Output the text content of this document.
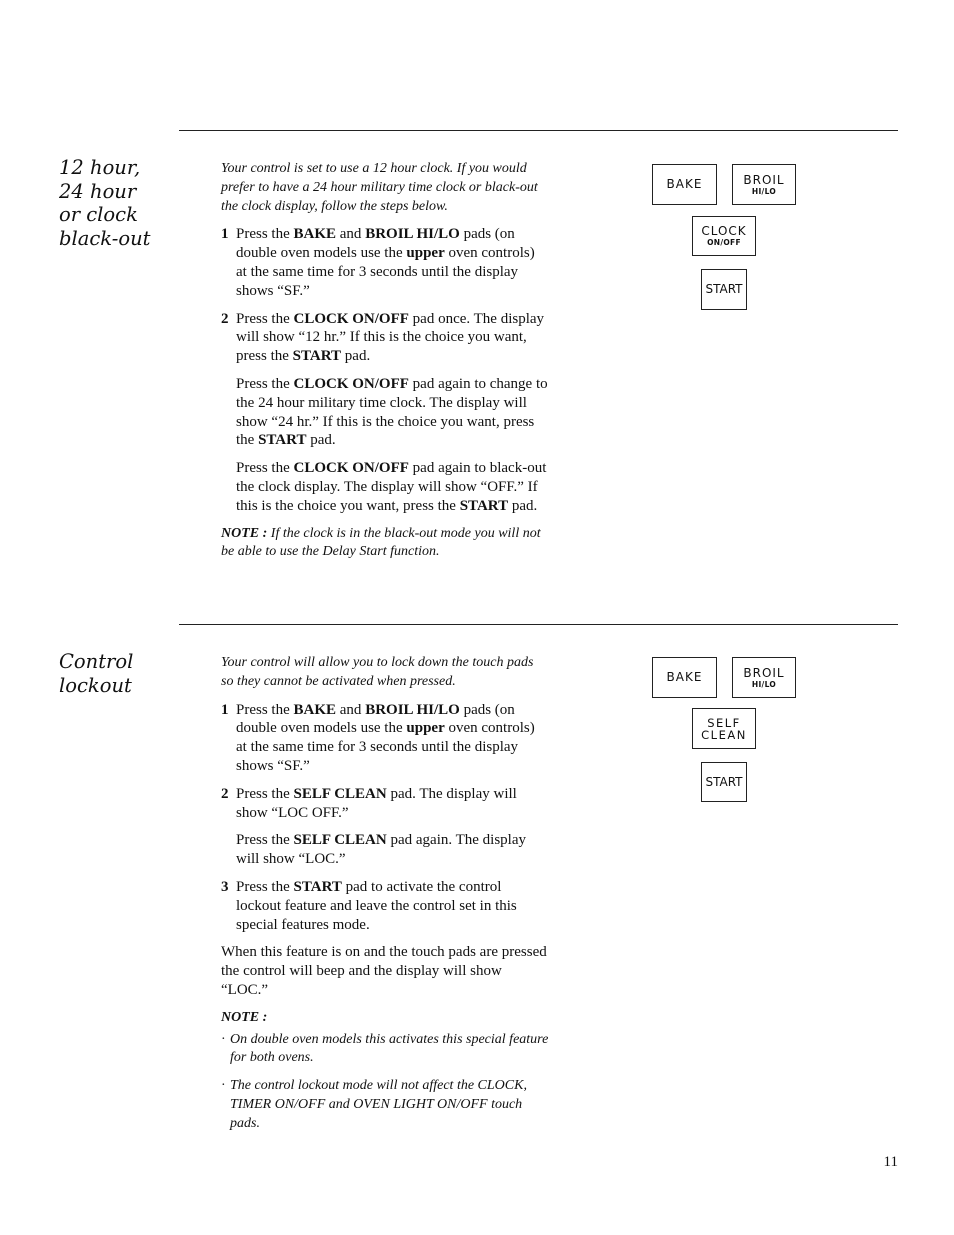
12 hour,
24 hour
or clock
black-out

Your control is set to use a 12 hour clock. If you would prefer to have a 24 hour military time clock or black-out the clock display, follow the steps below.

1 Press the BAKE and BROIL HI/LO pads (on double oven models use the upper oven controls) at the same time for 3 seconds until the display shows “SF.”
2 Press the CLOCK ON/OFF pad once. The display will show “12 hr.” If this is the choice you want, press the START pad.
Press the CLOCK ON/OFF pad again to change to the 24 hour military time clock. The display will show “24 hr.” If this is the choice you want, press the START pad.
Press the CLOCK ON/OFF pad again to black-out the clock display. The display will show “OFF.” If this is the choice you want, press the START pad.

NOTE : If the clock is in the black-out mode you will not be able to use the Delay Start function.

BAKE	BROIL
HI/LO
CLOCK
ON/OFF
START
Control
lockout

Your control will allow you to lock down the touch pads so they cannot be activated when pressed.

1 Press the BAKE and BROIL HI/LO pads (on double oven models use the upper oven controls) at the same time for 3 seconds until the display shows “SF.”
2 Press the SELF CLEAN pad. The display will show “LOC OFF.”
Press the SELF CLEAN pad again. The display will show “LOC.”
3 Press the START pad to activate the control lockout feature and leave the control set in this special features mode.

When this feature is on and the touch pads are pressed the control will beep and the display will show “LOC.”

NOTE :

· On double oven models this activates this special feature for both ovens.
· The control lockout mode will not affect the CLOCK, TIMER ON/OFF and OVEN LIGHT ON/OFF touch pads.
BAKE	BROIL
HI/LO
SELF
CLEAN
START
11
